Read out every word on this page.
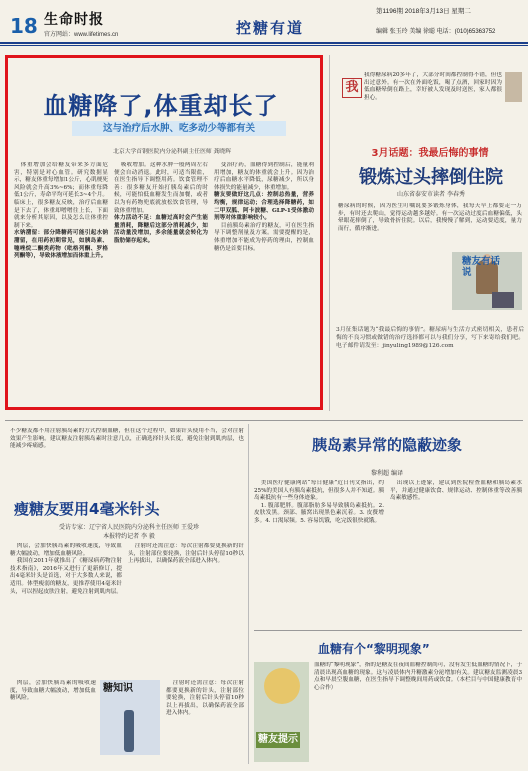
18 生命时报
官方网站：www.lifetimes.cn	控糖有道
第1196期 2018年3月13日 星期二
编辑 张玉玲 美编 徐聪 电话：(010)65363752
血糖降了,体重却长了
这与治疗后水肿、吃多动少等都有关
北京大学首钢医院内分泌科副主任医师 龚晓辉

体重增加会给糖友带来多方面危害，特别是对心血管。研究数据显示，糖友体重每增加1公斤，心肌梗死风险就会升高3%~6%；而体重每降低1公斤，寿命平均可延长3~4个月。临床上，很多糖友反映，治疗后血糖是下去了，体重却噌噌往上长，下面就来分析其原因，以及怎么让体重控制下来。

水钠潴留：部分降糖药可能引起水钠潴留，在用药初期常见，如胰岛素、噻唑烷二酮类药物（吡格列酮、罗格列酮等），导致体液增加而体重上升。

吸收增加。这种水肿一般两周左右便会自动消退。此时，可适当限盐，在医生指导下调整用药。饮食管理不善：很多糖友开始打胰岛素后的时候，可能怕低血糖发生而加餐，或者以为有药物兜底就放松饮食管理，导致体重增加。

体力活动不足：血糖过高时会产生能量消耗，降糖后这部分消耗减少，如活动量没增加，多余能量就会转化为脂肪储存起来。

变治疗药，血糖得到控制后，能量利用增加，糖友的体重就会上升。因为治疗后血糖水平降低，尿糖减少，所以身体损失的能量减少，体重增加。

糖友要做好这几点：控制总热量，营养均衡，规律运动；合理选择降糖药，如二甲双胍、阿卡波糖、GLP-1受体激动剂等对体重影响较小。

目前胰岛素治疗的糖友，可在医生指导下调整剂量及方案。需要提醒的是，体重增加不能成为停药的理由，控制血糖仍是首要目标。

我
我得糖尿病20多年了，大部分时间都控制得不错，但也出过意外。有一次在外面吃饭，喝了点酒，回家时因为低血糖晕倒在路上，幸好被人发现及时送医，家人都很担心。
3月话题：我最后悔的事情
锻炼过头摔倒住院
山东省泰安市读者 李春秀
糖尿病的时候，因为医生叮嘱说要多锻炼身体，我每天早上都要走一万步，有时还去爬山，觉得运动越多越好。有一次运动过度后血糖偏低，头晕眼花摔倒了，导致骨折住院。以后，我慢慢了解到，运动要适度，量力而行，循序渐进。
糖友有话说
3月征集话题为“我最后悔的事情”。糖尿病与生活方式密切相关，患者后悔的不良习惯或做错的治疗选择都可以与我们分享，写下来寄给我们吧。电子邮件请发至：jinyuling1989@126.com
不少糖友都不用注射胰岛素的方式控制血糖，但在这个过程中，如果针头使用不当，会对注射效果产生影响。建议糖友注射胰岛素时注意几点，正确选择针头长度，避免注射到肌肉层，也能减少疼痛感。
瘦糖友要用4毫米针头
受访专家：辽宁省人民医院内分泌科主任医师 王爱珍
本报特约记者 李 毅

肉层，会加快胰岛素的吸收速度，导致血糖大幅波动，增加低血糖风险。

我国在2011年就推出了《糖尿病药物注射技术指南》，2016年又进行了更新修订，提出4毫米针头是首选，对于大多数人来说，都适用。体型瘦弱的糖友，更推荐使用4毫米针头，可以捏起皮肤注射，避免注射到肌肉层。

注射时还需注意：每次注射都要更换新的针头，注射部位要轮换，注射后针头停留10秒以上再拔出，以确保药液全部进入体内。

肉层，会加快胰岛素的吸收速度，导致血糖大幅波动，增加低血糖风险。

糖知识	注射时还需注意：每次注射都要更换新的针头，注射部位要轮换，注射后针头停留10秒以上再拔出，以确保药液全部进入体内。

胰岛素异常的隐蔽迹象
黎利超 编译

美国医疗健康网站“每日健康”近日刊文指出，约25%的美国人有胰岛素抵抗，但很多人并不知道。胰岛素抵抗有一些身体迹象。

1. 腹部肥胖。腹部脂肪多易导致胰岛素抵抗。2. 皮肤发黑。颈部、腋窝出现黑色素沉着。3. 皮赘增多。4. 口渴尿频。5. 容易饥饿，吃完饭很快就饿。

出现以上迹象，建议到医院检查血糖和胰岛素水平，并通过健康饮食、规律运动、控制体重等改善胰岛素敏感性。

血糖有个“黎明现象”
糖友提示
血糖的“黎明现象”，指的是糖友在夜间血糖控制尚可，没有发生低血糖的情况下，于清晨出现高血糖的现象。这与凌晨体内升糖激素分泌增加有关。建议糖友监测凌晨3点和早晨空腹血糖，在医生指导下调整晚间用药或饮食。（本栏目与中国健康教育中心合作）
